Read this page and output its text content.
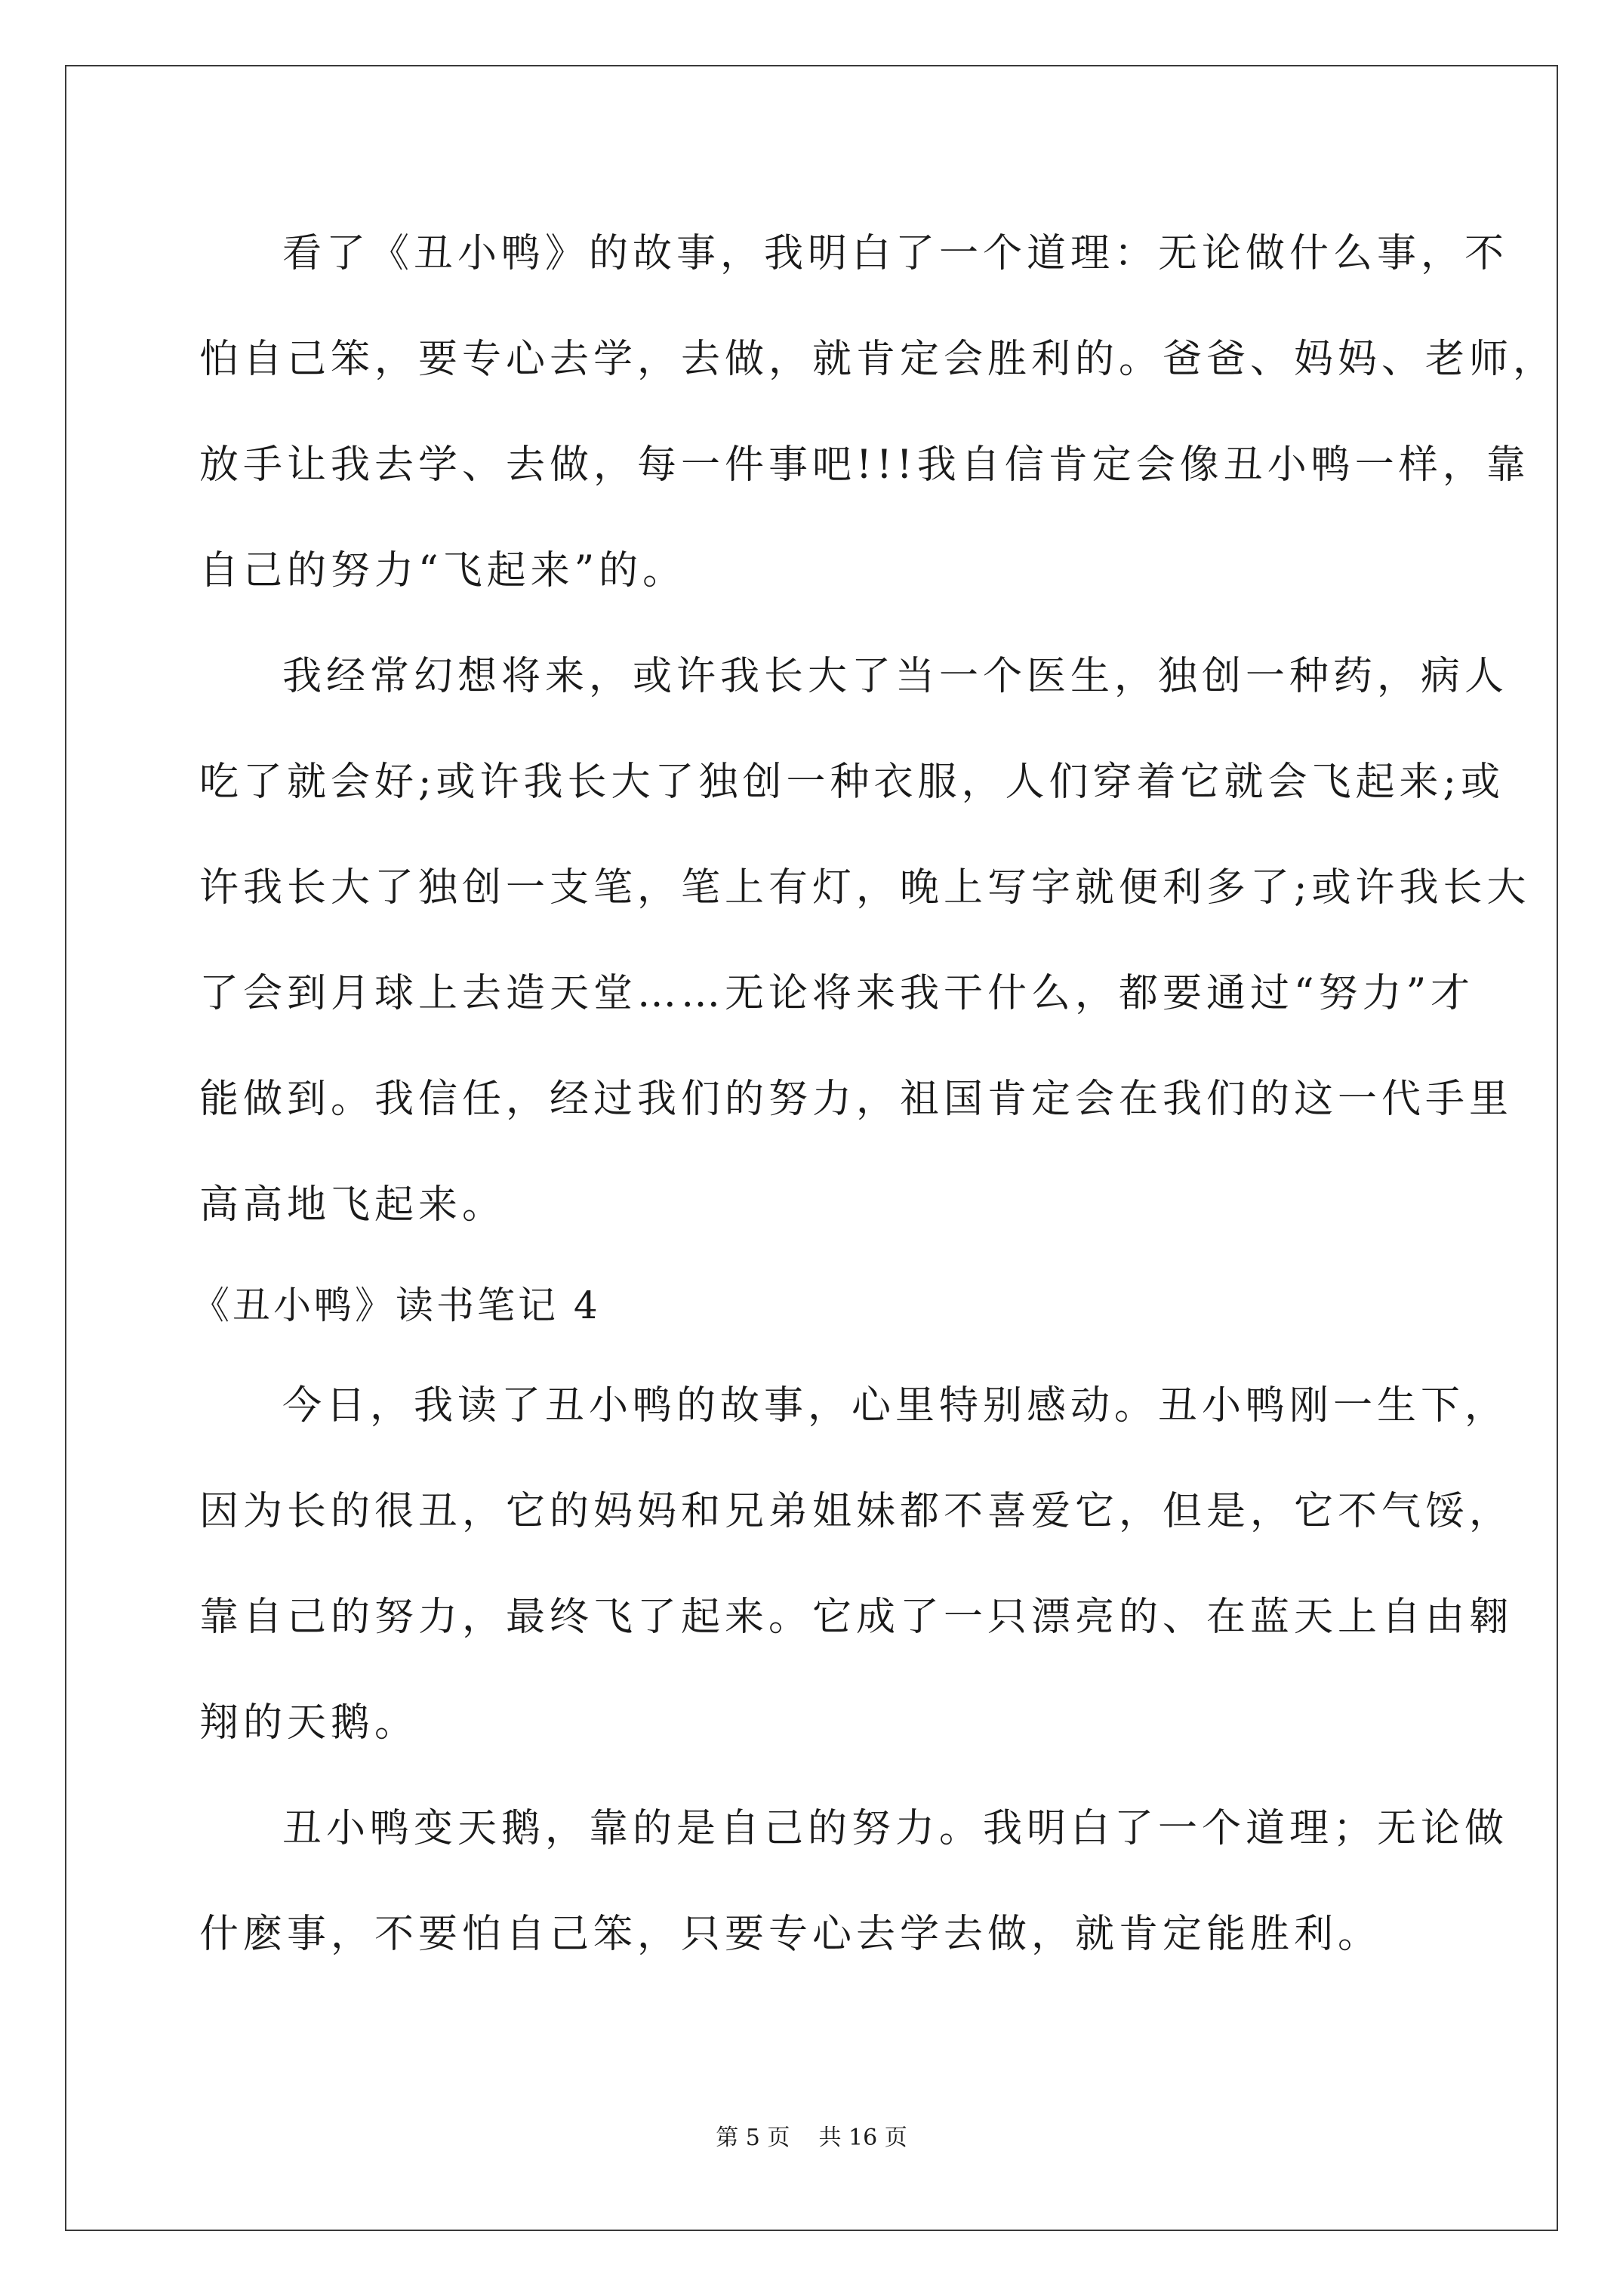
看了《丑小鸭》的故事，我明白了一个道理：无论做什么事，不
怕自己笨，要专心去学，去做，就肯定会胜利的。爸爸、妈妈、老师，
放手让我去学、去做，每一件事吧!!!我自信肯定会像丑小鸭一样，靠
自己的努力“飞起来”的。
我经常幻想将来，或许我长大了当一个医生，独创一种药，病人
吃了就会好;或许我长大了独创一种衣服，人们穿着它就会飞起来;或
许我长大了独创一支笔，笔上有灯，晚上写字就便利多了;或许我长大
了会到月球上去造天堂……无论将来我干什么，都要通过“努力”才
能做到。我信任，经过我们的努力，祖国肯定会在我们的这一代手里
高高地飞起来。
《丑小鸭》读书笔记 4
今日，我读了丑小鸭的故事，心里特别感动。丑小鸭刚一生下，
因为长的很丑，它的妈妈和兄弟姐妹都不喜爱它，但是，它不气馁，
靠自己的努力，最终飞了起来。它成了一只漂亮的、在蓝天上自由翱
翔的天鹅。
丑小鸭变天鹅，靠的是自己的努力。我明白了一个道理；无论做
什麽事，不要怕自己笨，只要专心去学去做，就肯定能胜利。
第 5 页    共 16 页
